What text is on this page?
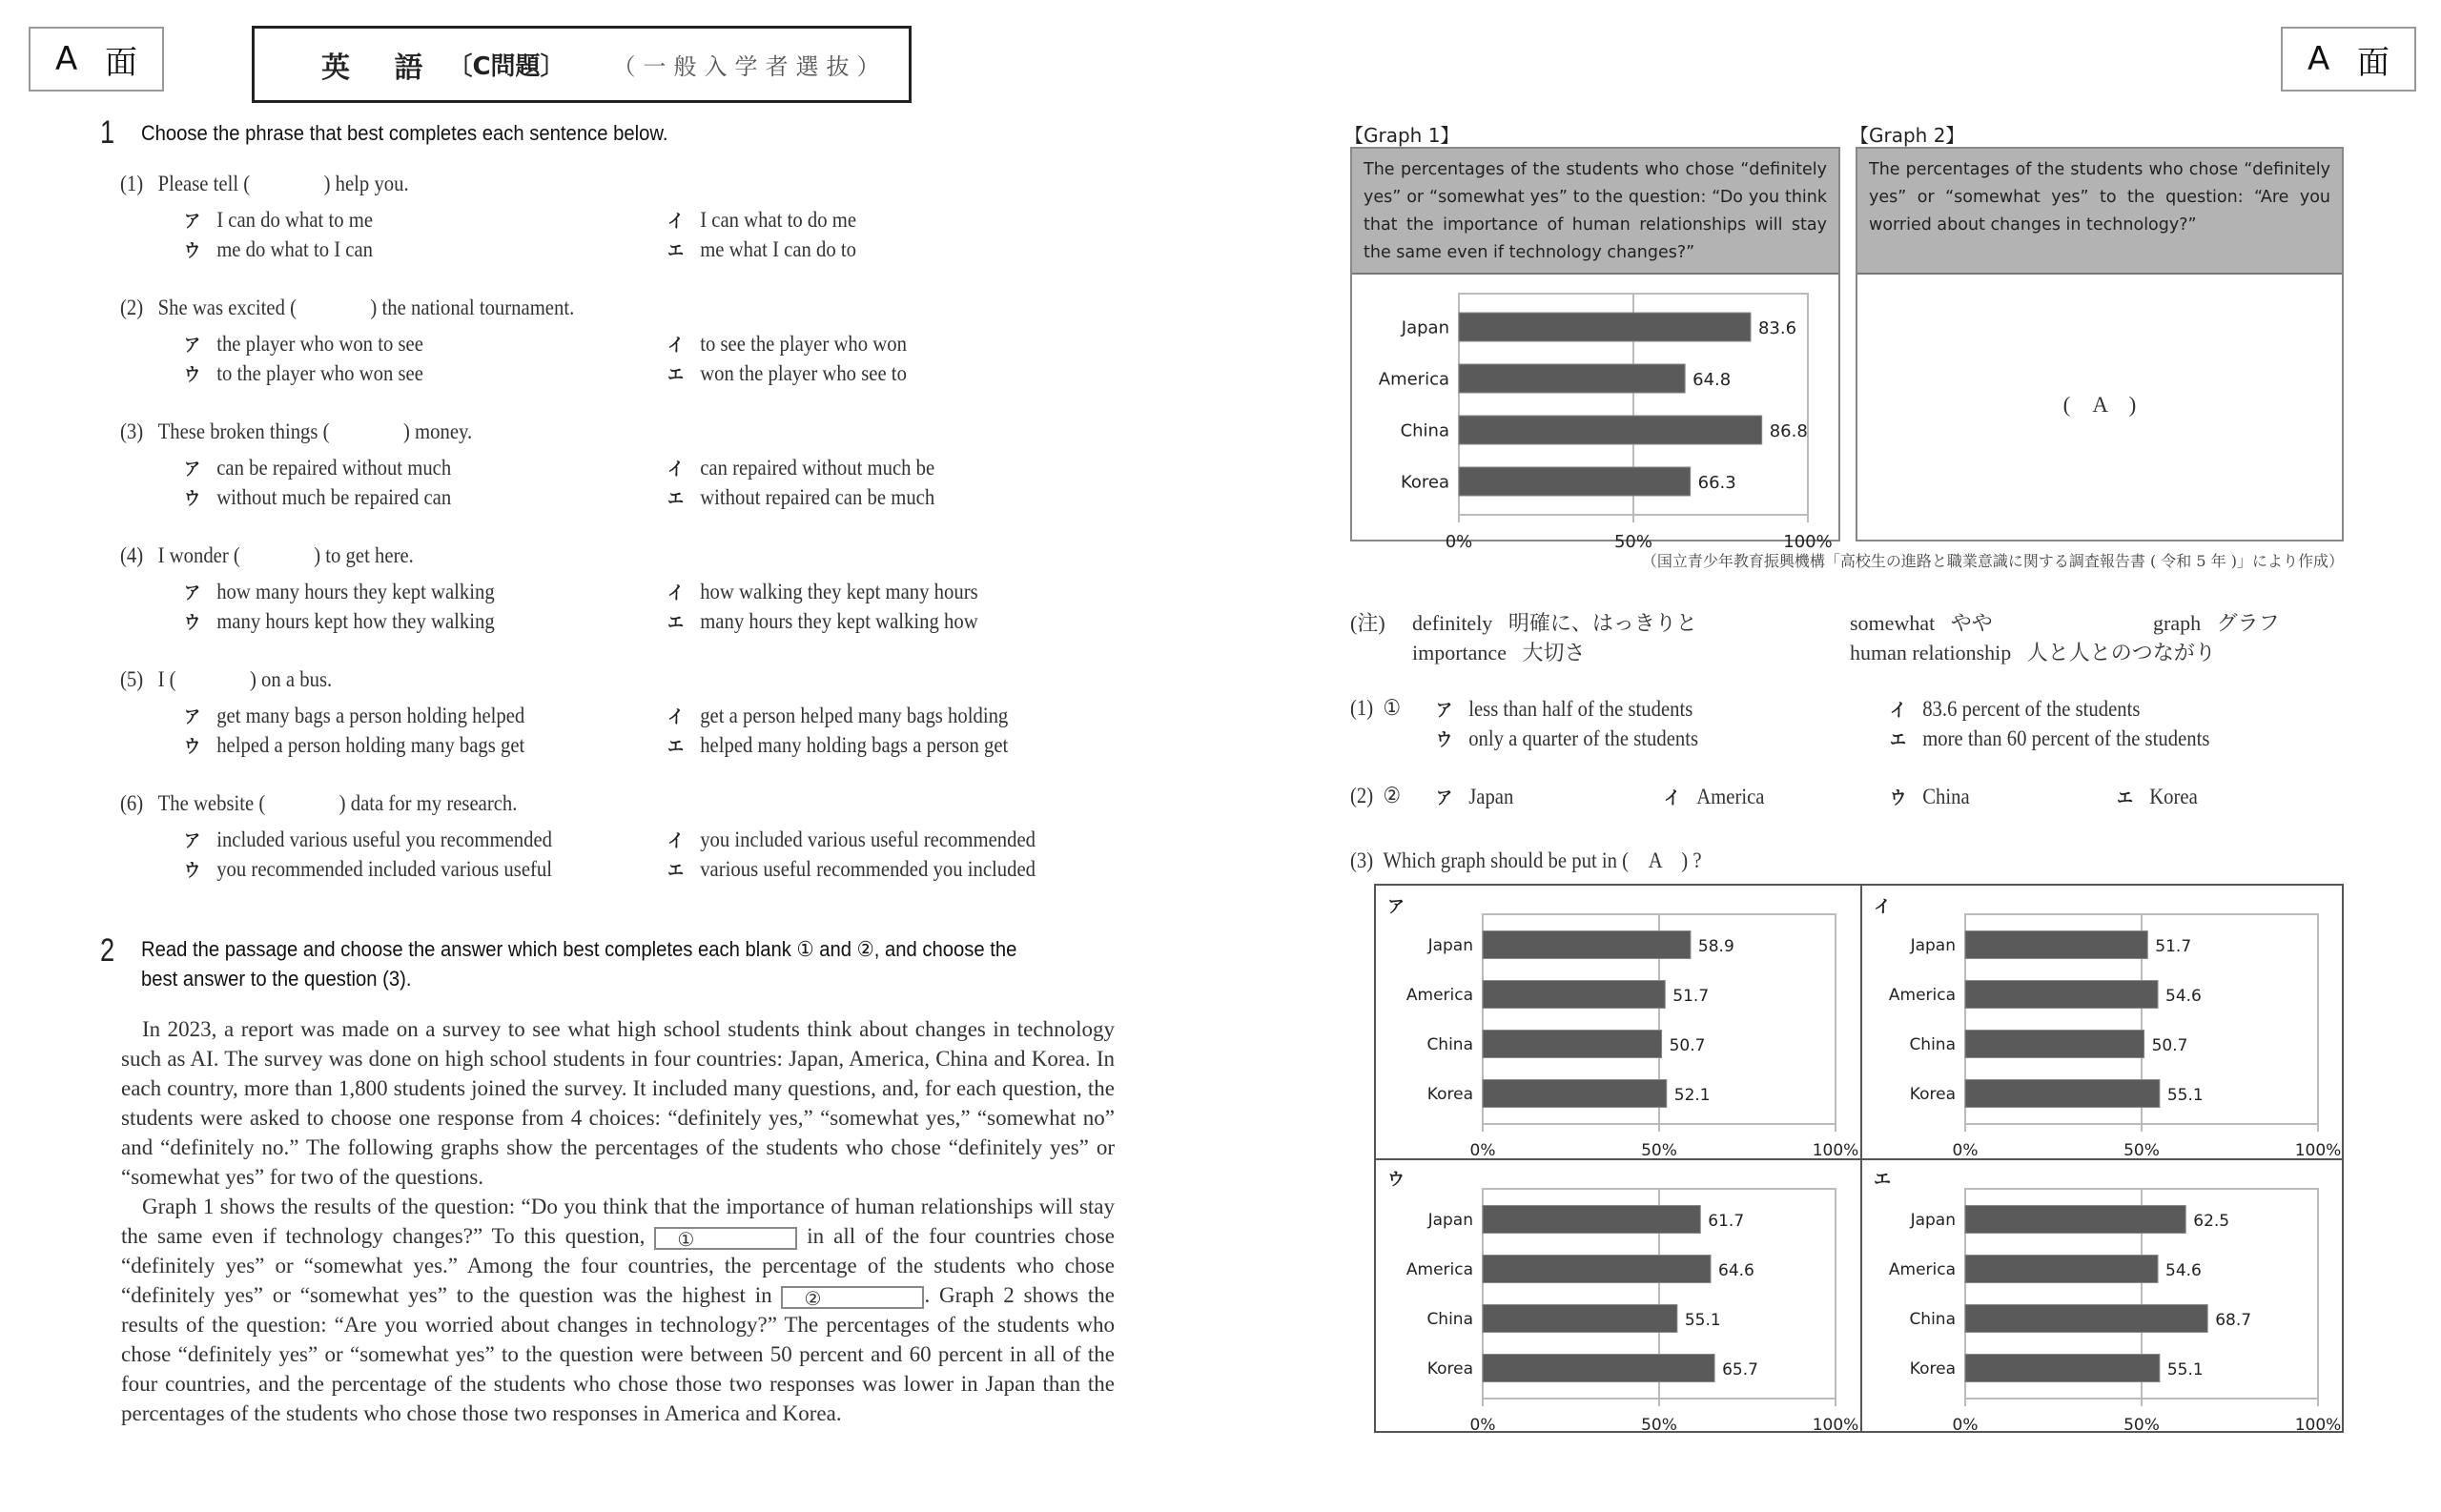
A 面	英 語 〔C問題〕 （一般入学者選抜）	A 面
1 Choose the phrase that best completes each sentence below.
(1) Please tell (	) help you.
ア I can do what to me	イ I can what to do me
ウ me do what to I can	エ me what I can do to
(2) She was excited (	) the national tournament.
ア the player who won to see	イ to see the player who won
ウ to the player who won see	エ won the player who see to
(3) These broken things (	) money.
ア can be repaired without much	イ can repaired without much be
ウ without much be repaired can	エ without repaired can be much
(4) I wonder (	) to get here.
ア how many hours they kept walking	イ how walking they kept many hours
ウ many hours kept how they walking	エ many hours they kept walking how
(5) I (	) on a bus.
ア get many bags a person holding helped	イ get a person helped many bags holding
ウ helped a person holding many bags get	エ helped many holding bags a person get
(6) The website (	) data for my research.
ア included various useful you recommended	イ you included various useful recommended
ウ you recommended included various useful	エ various useful recommended you included
2 Read the passage and choose the answer which best completes each blank ① and ②, and choose the
best answer to the question (3).

In 2023, a report was made on a survey to see what high school students think about changes in technology such as AI. The survey was done on high school students in four countries: Japan, America, China and Korea. In each country, more than 1,800 students joined the survey. It included many questions, and, for each question, the students were asked to choose one response from 4 choices: “definitely yes,” “somewhat yes,” “somewhat no” and “definitely no.” The following graphs show the percentages of the students who chose “definitely yes” or “somewhat yes” for two of the questions.

Graph 1 shows the results of the question: “Do you think that the importance of human relationships will stay the same even if technology changes?” To this question, ①	in all of the four countries chose “definitely yes” or “somewhat yes.” Among the four countries, the percentage of the students who chose “definitely yes” or “somewhat yes” to the question was the highest in ②	. Graph 2 shows the results of the question: “Are you worried about changes in technology?” The percentages of the students who chose “definitely yes” or “somewhat yes” to the question were between 50 percent and 60 percent in all of the four countries, and the percentage of the students who chose those two responses was lower in Japan than the percentages of the students who chose those two responses in America and Korea.

【Graph 1】
The percentages of the students who chose “definitely yes” or “somewhat yes” to the question: “Do you think that the importance of human relationships will stay the same even if technology changes?”
Japan	83.6
America	64.8
China	86.8
Korea	66.3
0%	50%	100%
【Graph 2】
The percentages of the students who chose “definitely yes” or “somewhat yes” to the question: “Are you worried about changes in technology?”
(　A　)
（国立青少年教育振興機構「高校生の進路と職業意識に関する調査報告書 ( 令和 5 年 )」により作成）
(注) definitely 明確に、はっきりと	somewhat やや	graph グラフ
importance 大切さ	human relationship 人と人とのつながり
(1) ① ア less than half of the students	イ 83.6 percent of the students
ウ only a quarter of the students	エ more than 60 percent of the students
(2) ② ア Japan	イ America	ウ China	エ Korea
(3) Which graph should be put in (　A　) ?
ア
Japan	58.9
America	51.7
China	50.7
Korea	52.1
0%	50%	100%
イ
Japan	51.7
America	54.6
China	50.7
Korea	55.1
0%	50%	100%
ウ
Japan	61.7
America	64.6
China	55.1
Korea	65.7
0%	50%	100%
エ
Japan	62.5
America	54.6
China	68.7
Korea	55.1
0%	50%	100%
